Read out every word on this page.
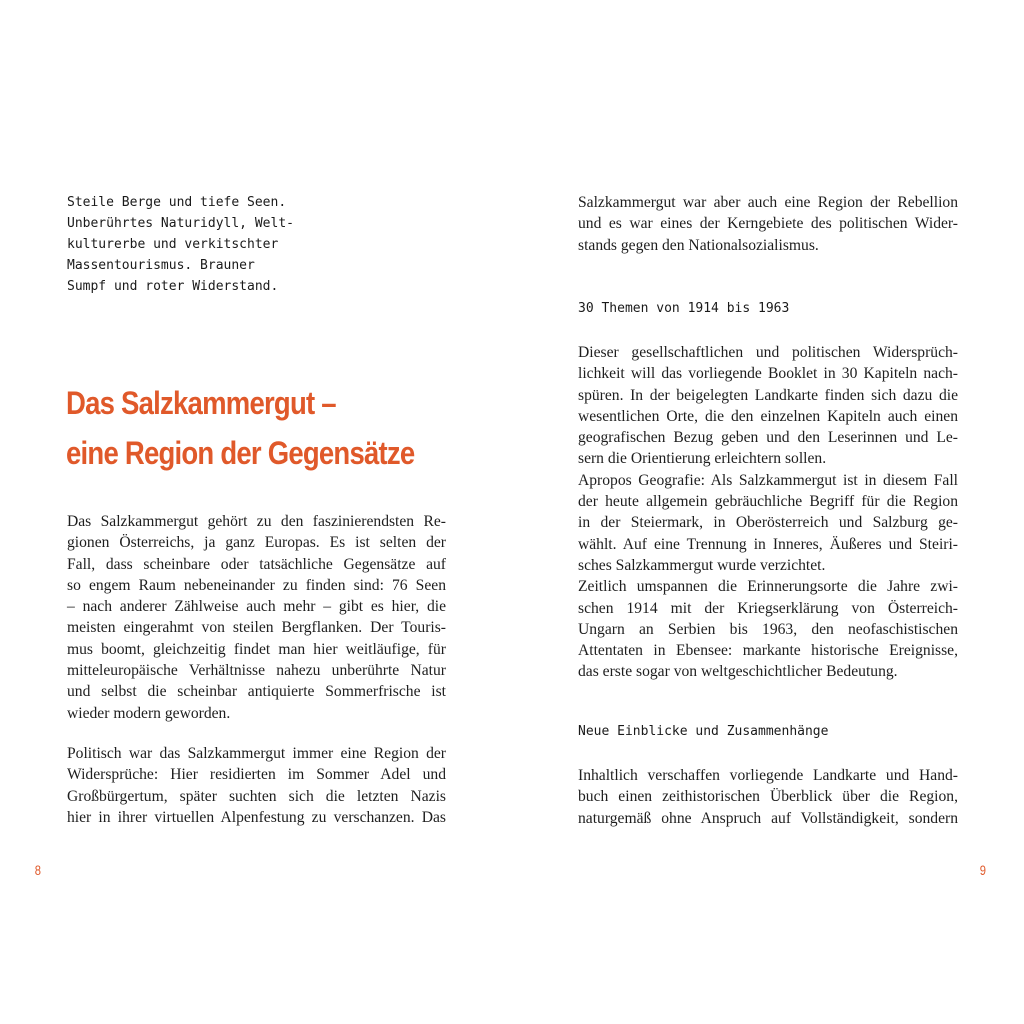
Steile Berge und tiefe Seen.
Unberührtes Naturidyll, Welt-
kulturerbe und verkitschter
Massentourismus. Brauner
Sumpf und roter Widerstand.
Das Salzkammergut –
eine Region der Gegensätze
Das Salzkammergut gehört zu den faszinierendsten Re-
gionen Österreichs, ja ganz Europas. Es ist selten der
Fall, dass scheinbare oder tatsächliche Gegensätze auf
so engem Raum nebeneinander zu finden sind: 76 Seen
– nach anderer Zählweise auch mehr – gibt es hier, die
meisten eingerahmt von steilen Bergflanken. Der Touris-
mus boomt, gleichzeitig findet man hier weitläufige, für
mitteleuropäische Verhältnisse nahezu unberührte Natur
und selbst die scheinbar antiquierte Sommerfrische ist
wieder modern geworden.
Politisch war das Salzkammergut immer eine Region der
Widersprüche: Hier residierten im Sommer Adel und
Großbürgertum, später suchten sich die letzten Nazis
hier in ihrer virtuellen Alpenfestung zu verschanzen. Das
8
Salzkammergut war aber auch eine Region der Rebellion
und es war eines der Kerngebiete des politischen Wider-
stands gegen den Nationalsozialismus.
30 Themen von 1914 bis 1963
Dieser gesellschaftlichen und politischen Widersprüch-
lichkeit will das vorliegende Booklet in 30 Kapiteln nach-
spüren. In der beigelegten Landkarte finden sich dazu die
wesentlichen Orte, die den einzelnen Kapiteln auch einen
geografischen Bezug geben und den Leserinnen und Le-
sern die Orientierung erleichtern sollen.
Apropos Geografie: Als Salzkammergut ist in diesem Fall
der heute allgemein gebräuchliche Begriff für die Region
in der Steiermark, in Oberösterreich und Salzburg ge-
wählt. Auf eine Trennung in Inneres, Äußeres und Steiri-
sches Salzkammergut wurde verzichtet.
Zeitlich umspannen die Erinnerungsorte die Jahre zwi-
schen 1914 mit der Kriegserklärung von Österreich-
Ungarn an Serbien bis 1963, den neofaschistischen
Attentaten in Ebensee: markante historische Ereignisse,
das erste sogar von weltgeschichtlicher Bedeutung.
Neue Einblicke und Zusammenhänge
Inhaltlich verschaffen vorliegende Landkarte und Hand-
buch einen zeithistorischen Überblick über die Region,
naturgemäß ohne Anspruch auf Vollständigkeit, sondern
9
